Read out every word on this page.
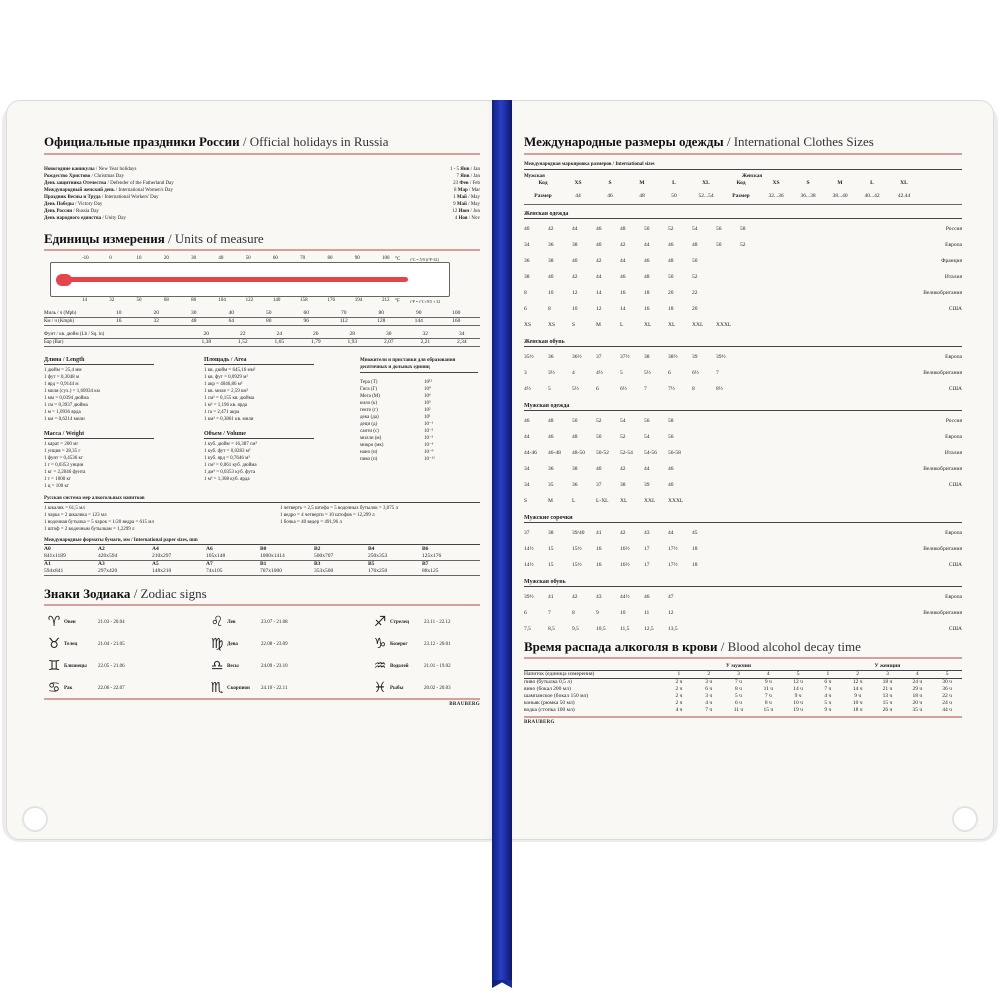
Официальные праздники России / Official holidays in Russia
Новогодние каникулы / New Year holidays	1 - 5 Янв / Jan
Рождество Христово / Christmas Day	7 Янв / Jan
День защитника Отечества / Defender of the Fatherland Day	23 Фев / Feb
Международный женский день / International Women's Day	8 Мар / Mar
Праздник Весны и Труда / International Workers' Day	1 Май / May
День Победы / Victory Day	9 Май / May
День России / Russia Day	12 Июн / Jun
День народного единства / Unity Day	4 Ноя / Nov
Единицы измерения / Units of measure
-10	0	10	20	30	40	50	60	70	80	90	100
14	32	50	68	86	104	122	140	158	176	194	212
°C
°F
t°C = 5/9 (t°F-32)
t°F = t°C×9/5 + 32
Миль / ч (Mph)	10	20	30	40	50	60	70	80	90	100
Км / ч (Kmph)	16	32	48	64	80	96	112	128	144	160
Фунт / кв. дюйм (Lb / Sq. in)	20	22	24	26	28	30	32	34
Бар (Bar)	1,38	1,52	1,65	1,79	1,93	2,07	2,21	2,34
Длина / Length
1 дюйм = 25,4 мм
1 фут = 0,3048 м
1 ярд = 0,9144 м
1 миля (сух.) = 1,60934 км
1 мм = 0,0394 дюйма
1 см = 0,3937 дюйма
1 м = 1,0936 ярда
1 км = 0,6214 мили
Масса / Weight
1 карат = 200 мг
1 унция = 28,35 г
1 фунт = 0,4536 кг
1 г = 0,0353 унции
1 кг = 2,2046 фунта
1 т = 1000 кг
1 ц = 100 кг
Площадь / Area
1 кв. дюйм = 645,16 мм²
1 кв. фут = 0,0929 м²
1 акр = 4046,86 м²
1 кв. миля = 2,59 км²
1 см² = 0,155 кв. дюйма
1 м² = 1,196 кв. ярда
1 га = 2,471 акра
1 км² = 0,3861 кв. мили
Объем / Volume
1 куб. дюйм = 16,387 см³
1 куб. фут = 0,0283 м³
1 куб. ярд = 0,7646 м³
1 см³ = 0,061 куб. дюйма
1 дм³ = 0,0353 куб. фута
1 м³ = 1,308 куб. ярда
Множители и приставки для образования десятичных и дольных единиц
Тера (Т)	10¹²
Гига (Г)	10⁹
Мега (М)	10⁶
кило (к)	10³
гекто (г)	10²
дека (да)	10¹
деци (д)	10⁻¹
санти (с)	10⁻²
милли (м)	10⁻³
микро (мк)	10⁻⁶
нано (н)	10⁻⁹
пико (п)	10⁻¹²
Русская система мер алкогольных напитков
1 шкалик = 61,5 мл
1 чарка = 2 шкалика = 123 мл
1 водочная бутылка = 5 чарок = 1/20 ведра = 615 мл
1 штоф = 2 водочным бутылкам = 1,2299 л
1 четверть = 2,5 штофа = 5 водочных бутылок = 3,075 л
1 ведро = 4 четверти = 10 штофов = 12,299 л
1 бочка = 40 ведер = 491,96 л
Международные форматы бумаги, мм / International paper sizes, mm
A0	A2	A4	A6	B0	B2	B4	B6
841x1189	420x594	210x297	105x148	1000x1414	500x707	250x353	125x176
A1	A3	A5	A7	B1	B3	B5	B7
594x841	297x420	148x210	74x105	707x1000	353x500	176x250	88x125
Знаки Зодиака / Zodiac signs
♈ Овен	21.03 - 20.04
♉ Телец	21.04 - 21.05
♊ Близнецы	22.05 - 21.06
♋ Рак	22.06 - 22.07
♌ Лев	23.07 - 21.08
♍ Дева	22.08 - 23.09
♎ Весы	24.09 - 23.10
♏ Скорпион	24.10 - 22.11
♐ Стрелец	23.11 - 22.12
♑ Козерог	23.12 - 20.01
♒ Водолей	21.01 - 19.02
♓ Рыбы	20.02 - 20.03
BRAUBERG
Международные размеры одежды / International Clothes Sizes
Международная маркировка размеров / International sizes
Мужская	Женская
Код	XS	S	M	L	XL	Код	XS	S	M	L	XL
Размер	44	46	48	50	52...54	Размер	32...36	36...38	38...40	40...42	42.44
Женская одежда
40	42	44	46	48	50	52	54	56	58	Россия
34	36	38	40	42	44	46	48	50	52	Европа
36	38	40	42	44	46	48	50	Франция
38	40	42	44	46	48	50	52	Италия
8	10	12	14	16	18	20	22	Великобритания
6	8	10	12	14	16	18	20	США
XS	XS	S	M	L	XL	XL	XXL	XXXL
Женская обувь
35½	36	36½	37	37½	38	38½	39	39½	Европа
3	3½	4	4½	5	5½	6	6½	7	Великобритания
4½	5	5½	6	6½	7	7½	8	8½	США
Мужская одежда
46	48	50	52	54	56	58	Россия
44	46	48	50	52	54	56	Европа
44-46	46-48	48-50	50-52	52-54	54-56	56-58	Италия
34	36	38	40	42	44	46	Великобритания
34	35	36	37	38	39	40	США
S	M	L	L-XL	XL	XXL	XXXL
Мужские сорочки
37	38	39/40	41	42	43	44	45	Европа
14½	15	15½	16	16½	17	17½	18	Великобритания
14½	15	15½	16	16½	17	17½	18	США
Мужская обувь
39½	41	42	43	44½	46	47	Европа
6	7	8	9	10	11	12	Великобритания
7,5	8,5	9,5	10,5	11,5	12,5	13,5	США
Время распада алкоголя в крови / Blood alcohol decay time
У мужчин	У женщин
Напиток (единица измерения)	1	2	3	4	5	1	2	3	4	5
пиво (бутылка 0,5 л)	2 ч	3 ч	7 ч	9 ч	12 ч	6 ч	12 ч	18 ч	24 ч	30 ч
вино (бокал 200 мл)	2 ч	6 ч	8 ч	11 ч	14 ч	7 ч	14 ч	21 ч	29 ч	36 ч
шампанское (бокал 150 мл)	2 ч	3 ч	5 ч	7 ч	9 ч	4 ч	9 ч	13 ч	18 ч	22 ч
коньяк (рюмка 50 мл)	2 ч	4 ч	6 ч	8 ч	10 ч	5 ч	10 ч	15 ч	20 ч	24 ч
водка (стопка 100 мл)	4 ч	7 ч	11 ч	15 ч	19 ч	9 ч	18 ч	26 ч	35 ч	44 ч
BRAUBERG
